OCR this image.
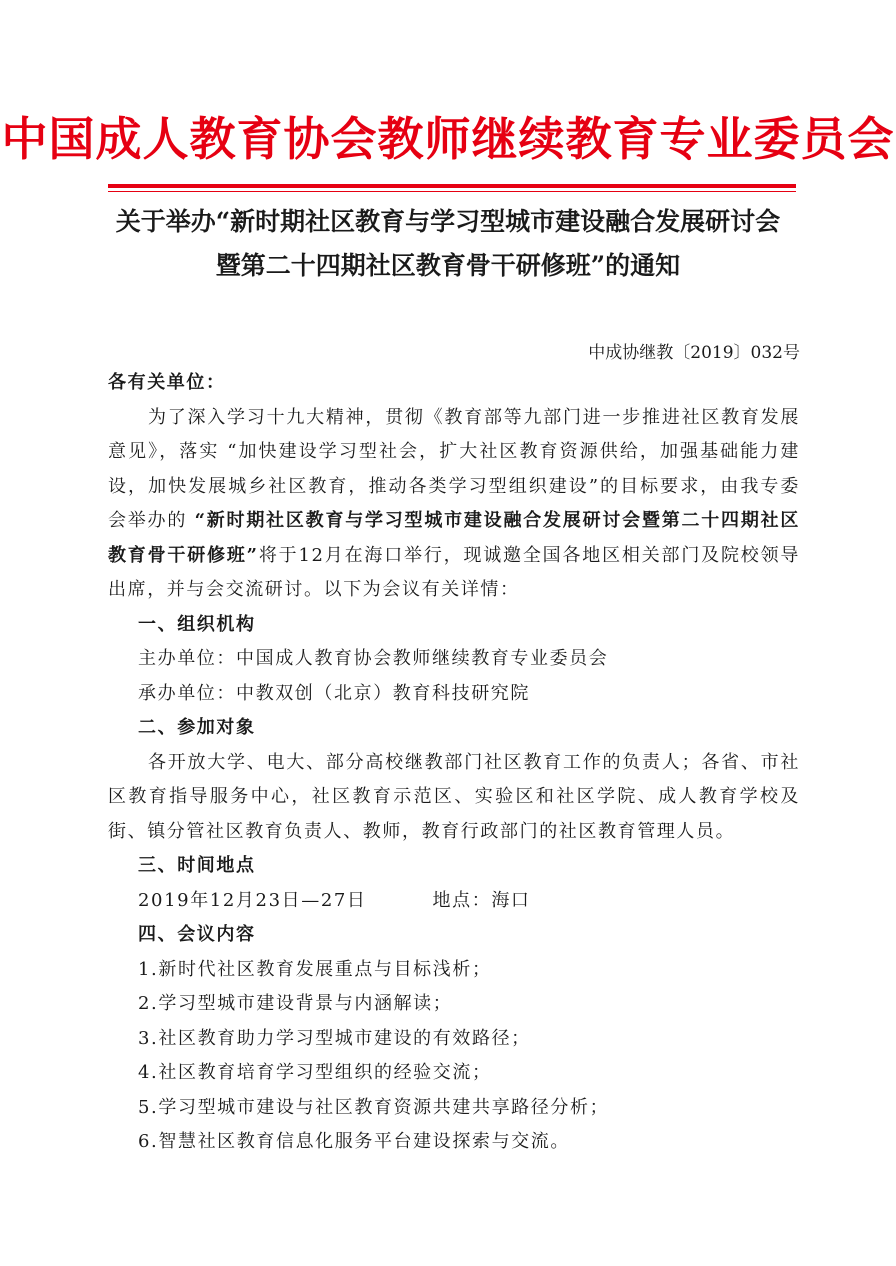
中国成人教育协会教师继续教育专业委员会
关于举办“新时期社区教育与学习型城市建设融合发展研讨会
暨第二十四期社区教育骨干研修班”的通知
中成协继教〔2019〕032号

各有关单位：

为了深入学习十九大精神，贯彻《教育部等九部门进一步推进社区教育发展意见》，落实 “加快建设学习型社会，扩大社区教育资源供给，加强基础能力建设，加快发展城乡社区教育，推动各类学习型组织建设”的目标要求，由我专委会举办的 “新时期社区教育与学习型城市建设融合发展研讨会暨第二十四期社区教育骨干研修班”将于12月在海口举行，现诚邀全国各地区相关部门及院校领导出席，并与会交流研讨。以下为会议有关详情：

一、组织机构

主办单位：中国成人教育协会教师继续教育专业委员会

承办单位：中教双创（北京）教育科技研究院

二、参加对象

各开放大学、电大、部分高校继教部门社区教育工作的负责人；各省、市社区教育指导服务中心，社区教育示范区、实验区和社区学院、成人教育学校及街、镇分管社区教育负责人、教师，教育行政部门的社区教育管理人员。

三、时间地点

2019年12月23日—27日	地点：海口

四、会议内容

1.新时代社区教育发展重点与目标浅析；

2.学习型城市建设背景与内涵解读；

3.社区教育助力学习型城市建设的有效路径；

4.社区教育培育学习型组织的经验交流；

5.学习型城市建设与社区教育资源共建共享路径分析；

6.智慧社区教育信息化服务平台建设探索与交流。
